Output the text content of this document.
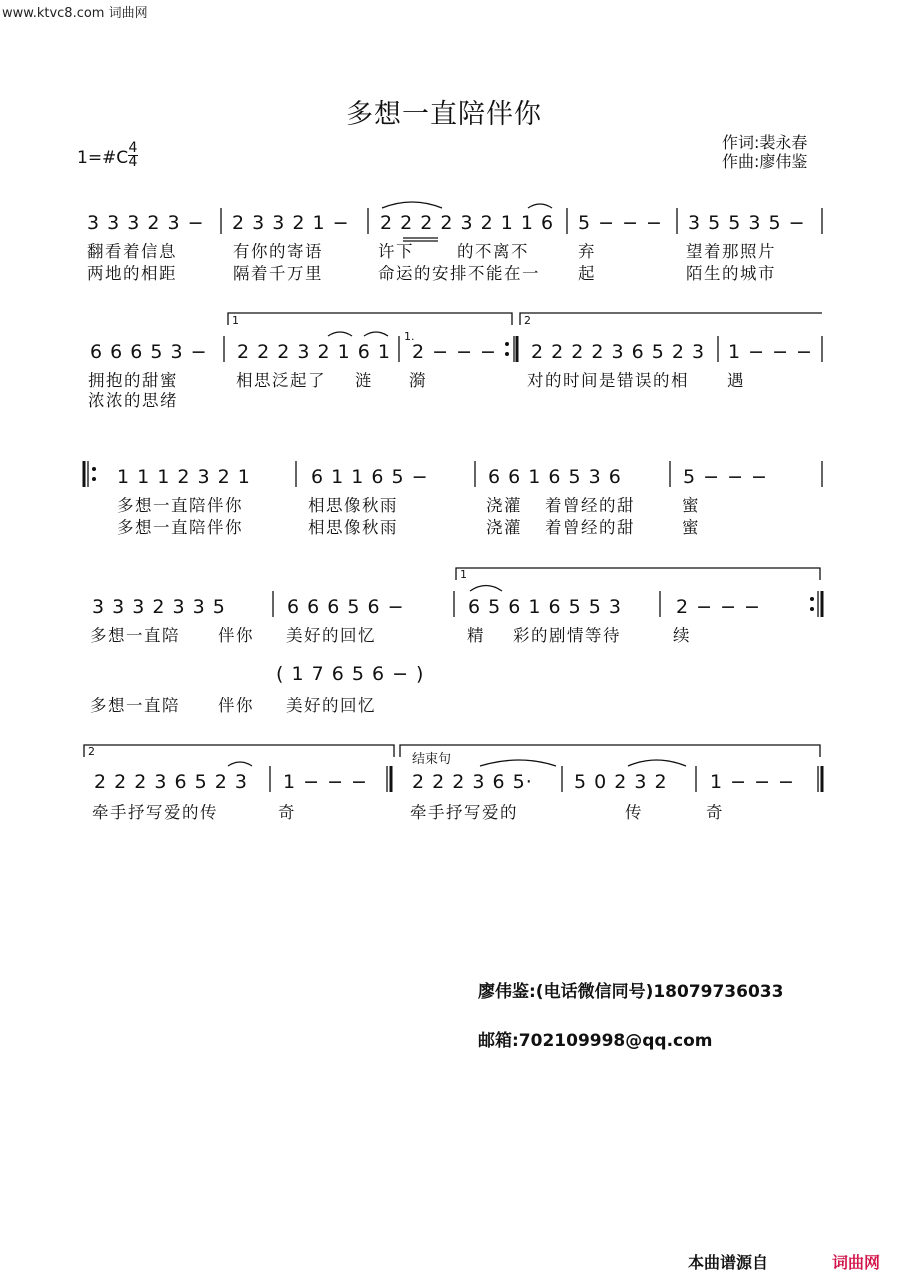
www.ktvc8.com 词曲网
多想一直陪伴你
作词:裴永春
作曲:廖伟鉴
1=#C 4
4
3 3 3 2 3 − 2 3 3 2 1 − 2 2 2 2 3 2 1 1 6 5 − − − 3 5 5 3 5 −
翻看着信息	有你的寄语	许下	的不离不	弃	望着那照片
两地的相距	隔着千万里	命运的安排不能在一 起	陌生的城市
1	2
1.
6 6 6 5 3 − 2 2 2 3 2 1 6 1 2 − − − 2 2 2 2 3 6 5 2 3 1 − − −
拥抱的甜蜜	相思泛起了 涟 漪	对的时间是错误的相 遇
浓浓的思绪
1 1 1 2 3 2 1	6 1 1 6 5 −	6 6 1 6 5 3 6	5 − − −
多想一直陪伴你	相思像秋雨	浇灌 着曾经的甜	蜜
多想一直陪伴你	相思像秋雨	浇灌 着曾经的甜	蜜
1
3 3 3 2 3 3 5	6 6 6 5 6 −	6 5 6 1 6 5 5 3	2 − − −
多想一直陪 伴你 美好的回忆	精 彩的剧情等待	续
( 1 7 6 5 6 − )
多想一直陪 伴你 美好的回忆
2
结束句
2 2 2 3 6 5 2 3 1 − − − 2 2 2 3 6 5· 5 0 2 3 2 1 − − −
牵手抒写爱的传	奇	牵手抒写爱的	传	奇
廖伟鉴:(电话微信同号)18079736033
邮箱:702109998@qq.com
本曲谱源自	词曲网
